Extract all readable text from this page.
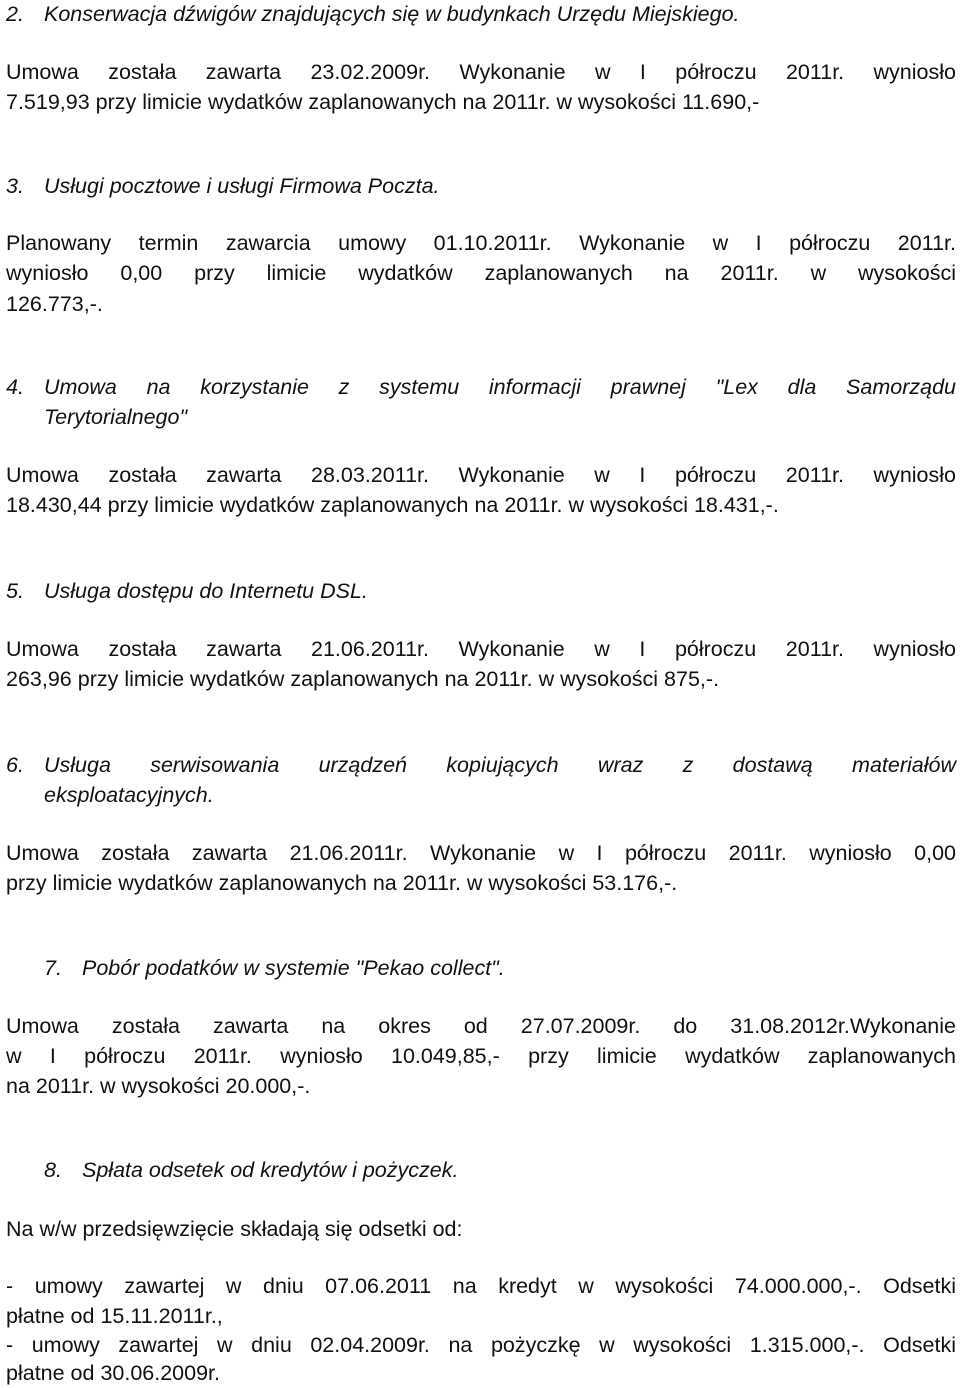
2. Konserwacja dźwigów znajdujących się w budynkach Urzędu Miejskiego.
Umowa została zawarta 23.02.2009r. Wykonanie w I półroczu 2011r. wyniosło
7.519,93 przy limicie wydatków zaplanowanych na 2011r. w wysokości 11.690,-
3. Usługi pocztowe i usługi Firmowa Poczta.
Planowany termin zawarcia umowy 01.10.2011r. Wykonanie w I półroczu 2011r.
wyniosło 0,00 przy limicie wydatków zaplanowanych na 2011r. w wysokości
126.773,-.
Umowa na korzystanie z systemu informacji prawnej "Lex dla Samorządu
4.
Terytorialnego"
Umowa została zawarta 28.03.2011r. Wykonanie w I półroczu 2011r. wyniosło
18.430,44 przy limicie wydatków zaplanowanych na 2011r. w wysokości 18.431,-.
5. Usługa dostępu do Internetu DSL.
Umowa została zawarta 21.06.2011r. Wykonanie w I półroczu 2011r. wyniosło
263,96 przy limicie wydatków zaplanowanych na 2011r. w wysokości 875,-.
Usługa serwisowania urządzeń kopiujących wraz z dostawą materiałów
6.
eksploatacyjnych.
Umowa została zawarta 21.06.2011r. Wykonanie w I półroczu 2011r. wyniosło 0,00
przy limicie wydatków zaplanowanych na 2011r. w wysokości 53.176,-.
7. Pobór podatków w systemie "Pekao collect".
Umowa została zawarta na okres od 27.07.2009r. do 31.08.2012r.Wykonanie
w I półroczu 2011r. wyniosło 10.049,85,- przy limicie wydatków zaplanowanych
na 2011r. w wysokości 20.000,-.
8. Spłata odsetek od kredytów i pożyczek.
Na w/w przedsięwzięcie składają się odsetki od:
- umowy zawartej w dniu 07.06.2011 na kredyt w wysokości 74.000.000,-. Odsetki
płatne od 15.11.2011r.,
- umowy zawartej w dniu 02.04.2009r. na pożyczkę w wysokości 1.315.000,-. Odsetki
płatne od 30.06.2009r.
